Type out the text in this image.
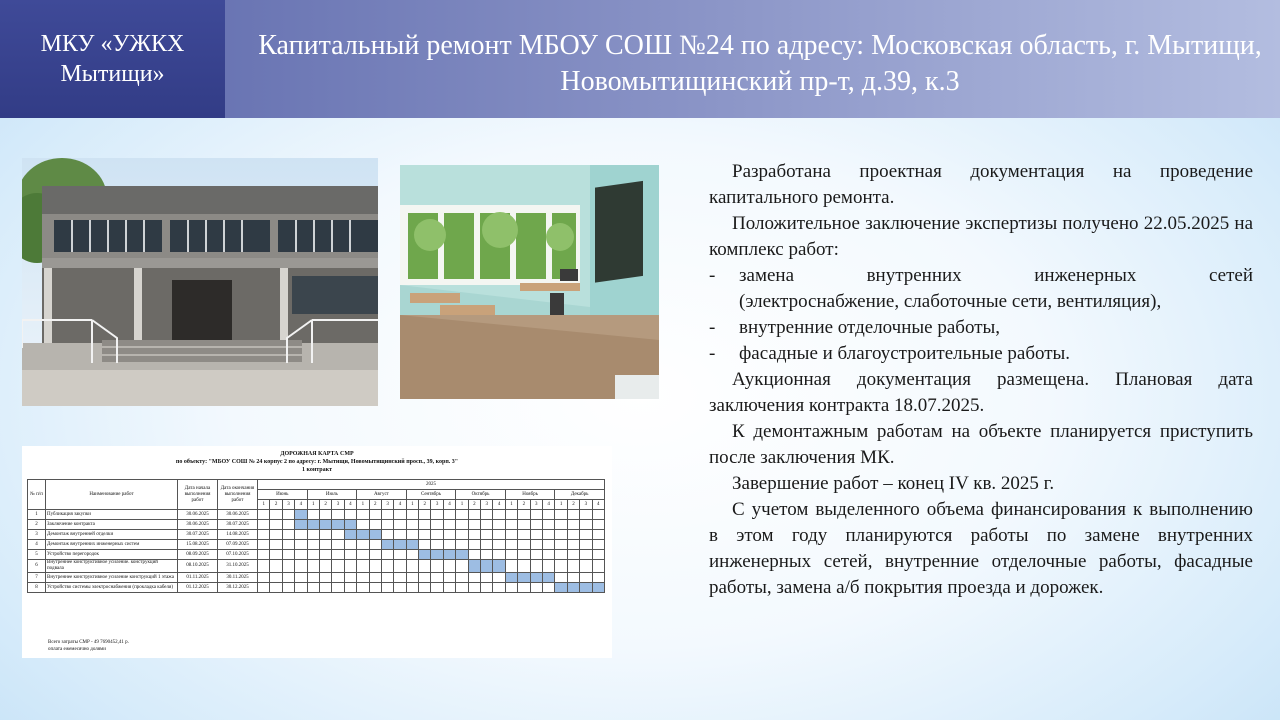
МКУ «УЖКХ Мытищи»
Капитальный ремонт МБОУ СОШ №24 по адресу: Московская область, г. Мытищи, Новомытищинский пр-т, д.39, к.3
ДОРОЖНАЯ КАРТА СМР
по объекту: "МБОУ СОШ № 24 корпус 2 по адресу: г. Мытищи, Новомытищинский просп., 39, корп. 3"
1 контракт
№ п/п	Наименование работ	Дата начала выполнения работ	Дата окончания выполнения работ	2025																											
				Июнь				Июль				Август				Сентябрь				Октябрь				Ноябрь				Декабрь			
				1	2	3	4	1	2	3	4	1	2	3	4	1	2	3	4	1	2	3	4	1	2	3	4	1	2	3	4
1	Публикация закупки	30.06.2025	30.06.2025																												
2	Заключение контракта	30.06.2025	30.07.2025																												
3	Демонтаж внутренней отделки	30.07.2025	14.08.2025																												
4	Демонтаж внутренних инженерных систем	15.08.2025	07.09.2025																												
5	Устройство перегородок	08.09.2025	07.10.2025																												
6	Внутреннее конструктивное усиление. конструкций подвала	08.10.2025	31.10.2025																												
7	Внутреннее конструктивное усиление конструкций 1 этажа	01.11.2025	30.11.2025																												
8	Устройство системы электроснабжения (прокладка кабеля)	01.12.2025	30.12.2025																												
Всего затраты СМР - 49 7690452,41 р.
оплата ежемесячно долями

Разработана проектная документация на проведение капитального ремонта.

Положительное заключение экспертизы получено 22.05.2025 на комплекс работ:

-	замена внутренних инженерных сетей
(электроснабжение, слаботочные сети, вентиляция),
-	внутренние отделочные работы,
-	фасадные и благоустроительные работы.

Аукционная документация размещена. Плановая дата заключения контракта 18.07.2025.

К демонтажным работам на объекте планируется приступить после заключения МК.

Завершение работ – конец IV кв. 2025 г.

С учетом выделенного объема финансирования к выполнению в этом году планируются работы по замене внутренних инженерных сетей, внутренние отделочные работы, фасадные работы, замена а/б покрытия проезда и дорожек.
